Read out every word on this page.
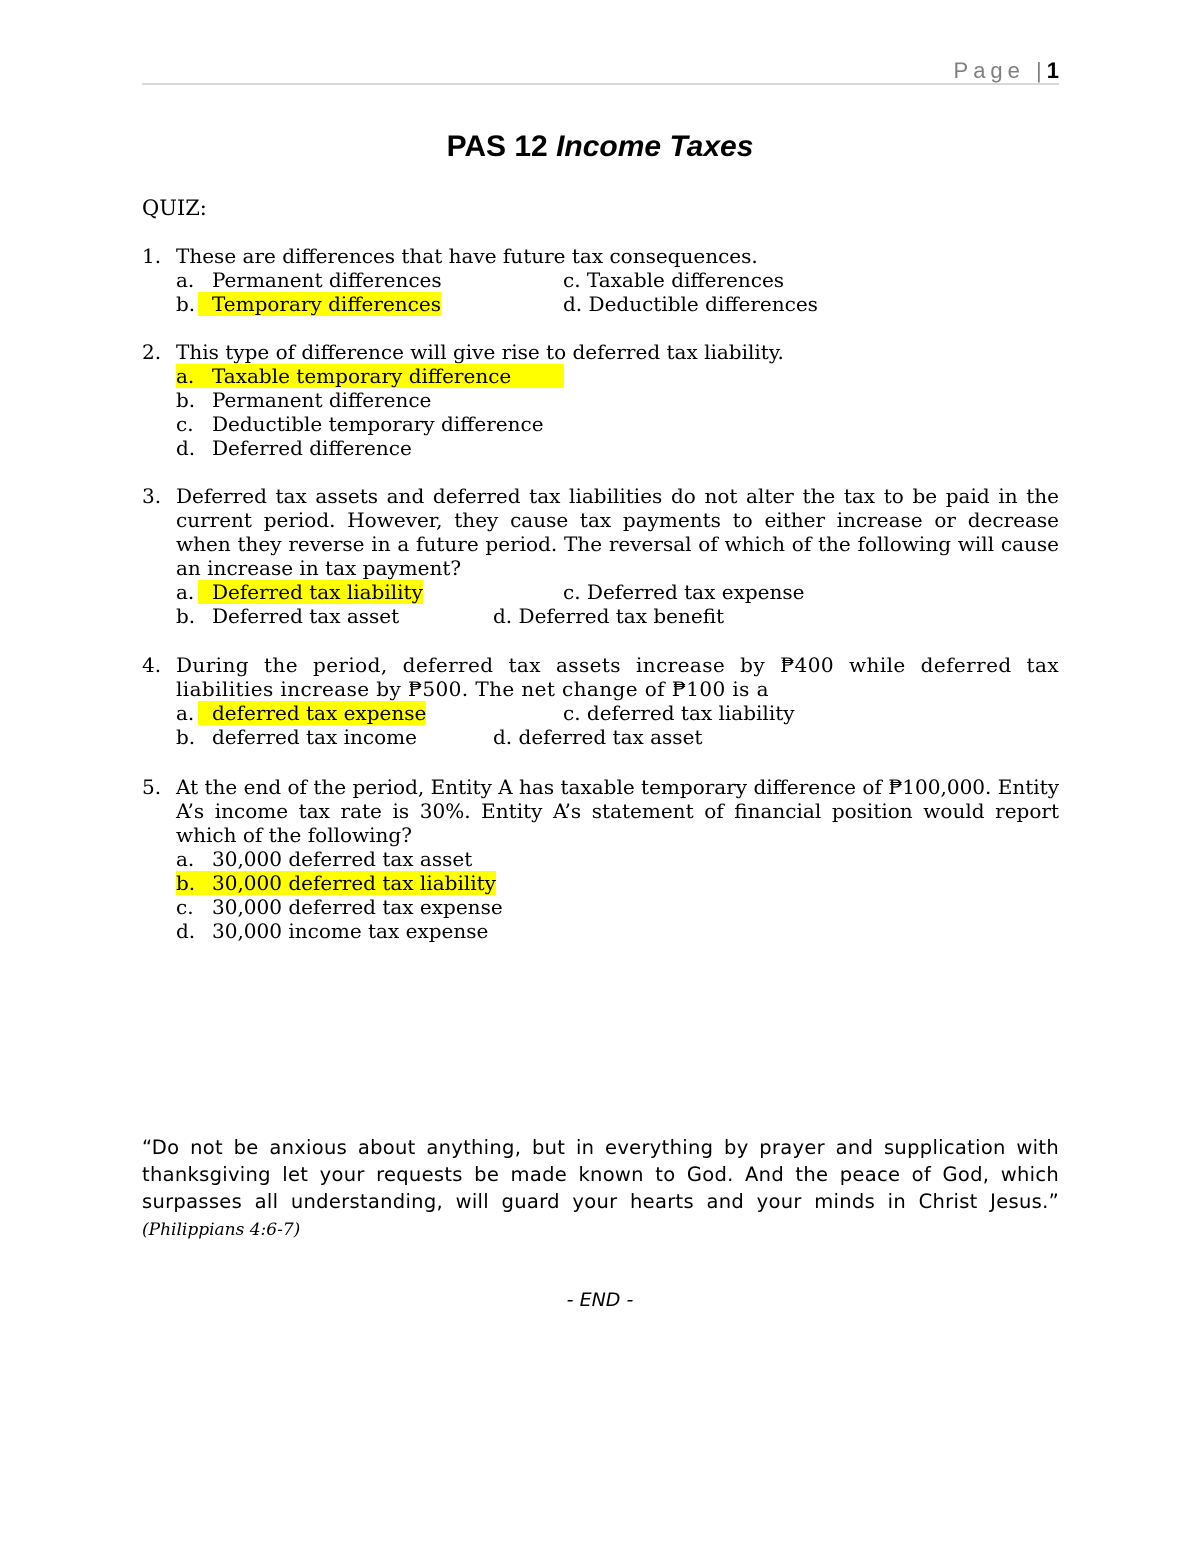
Page |1
PAS 12 Income Taxes
QUIZ:
1. These are differences that have future tax consequences.
a. Permanent differences	c. Taxable differences
b. Temporary differences	d. Deductible differences
2. This type of difference will give rise to deferred tax liability.
a. Taxable temporary difference
b. Permanent difference
c. Deductible temporary difference
d. Deferred difference
3. Deferred tax assets and deferred tax liabilities do not alter the tax to be paid in the current period. However, they cause tax payments to either increase or decrease when they reverse in a future period. The reversal of which of the following will cause an increase in tax payment?
a. Deferred tax liability	c. Deferred tax expense
b. Deferred tax asset	d. Deferred tax benefit
4. During the period, deferred tax assets increase by ₱400 while deferred tax liabilities increase by ₱500. The net change of ₱100 is a
a. deferred tax expense	c. deferred tax liability
b. deferred tax income	d. deferred tax asset
5. At the end of the period, Entity A has taxable temporary difference of ₱100,000. Entity A’s income tax rate is 30%. Entity A’s statement of financial position would report which of the following?
a. 30,000 deferred tax asset
b. 30,000 deferred tax liability
c. 30,000 deferred tax expense
d. 30,000 income tax expense
“Do not be anxious about anything, but in everything by prayer and supplication with
thanksgiving let your requests be made known to God. And the peace of God, which
surpasses all understanding, will guard your hearts and your minds in Christ Jesus.”
(Philippians 4:6-7)
- END -
